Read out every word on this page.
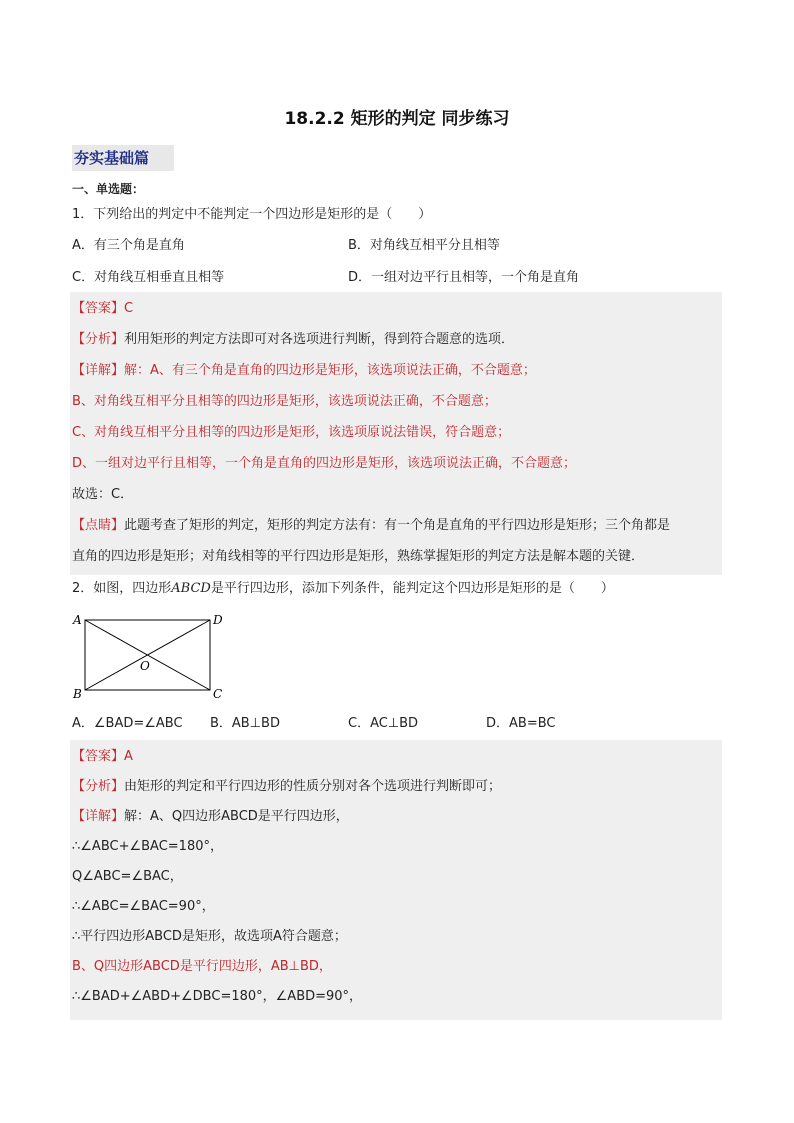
18.2.2 矩形的判定 同步练习
夯实基础篇
一、单选题：
1．下列给出的判定中不能判定一个四边形是矩形的是（　　）
A．有三个角是直角	B．对角线互相平分且相等
C．对角线互相垂直且相等	D．一组对边平行且相等，一个角是直角
【答案】C
【分析】利用矩形的判定方法即可对各选项进行判断，得到符合题意的选项．
【详解】解：A、有三个角是直角的四边形是矩形，该选项说法正确，不合题意；
B、对角线互相平分且相等的四边形是矩形，该选项说法正确，不合题意；
C、对角线互相平分且相等的四边形是矩形，该选项原说法错误，符合题意；
D、一组对边平行且相等，一个角是直角的四边形是矩形，该选项说法正确，不合题意；
故选：C．
【点睛】此题考查了矩形的判定，矩形的判定方法有：有一个角是直角的平行四边形是矩形；三个角都是
直角的四边形是矩形；对角线相等的平行四边形是矩形，熟练掌握矩形的判定方法是解本题的关键．
2．如图，四边形ABCD是平行四边形，添加下列条件，能判定这个四边形是矩形的是（　　）
A	D
B	C
O
A．∠BAD=∠ABC B．AB⊥BD	C．AC⊥BD	D．AB=BC
【答案】A
【分析】由矩形的判定和平行四边形的性质分别对各个选项进行判断即可；
【详解】解：A、Q四边形ABCD是平行四边形，
∴∠ABC+∠BAC=180°，
Q∠ABC=∠BAC，
∴∠ABC=∠BAC=90°，
∴平行四边形ABCD是矩形，故选项A符合题意；
B、Q四边形ABCD是平行四边形，AB⊥BD，
∴∠BAD+∠ABD+∠DBC=180°，∠ABD=90°，
